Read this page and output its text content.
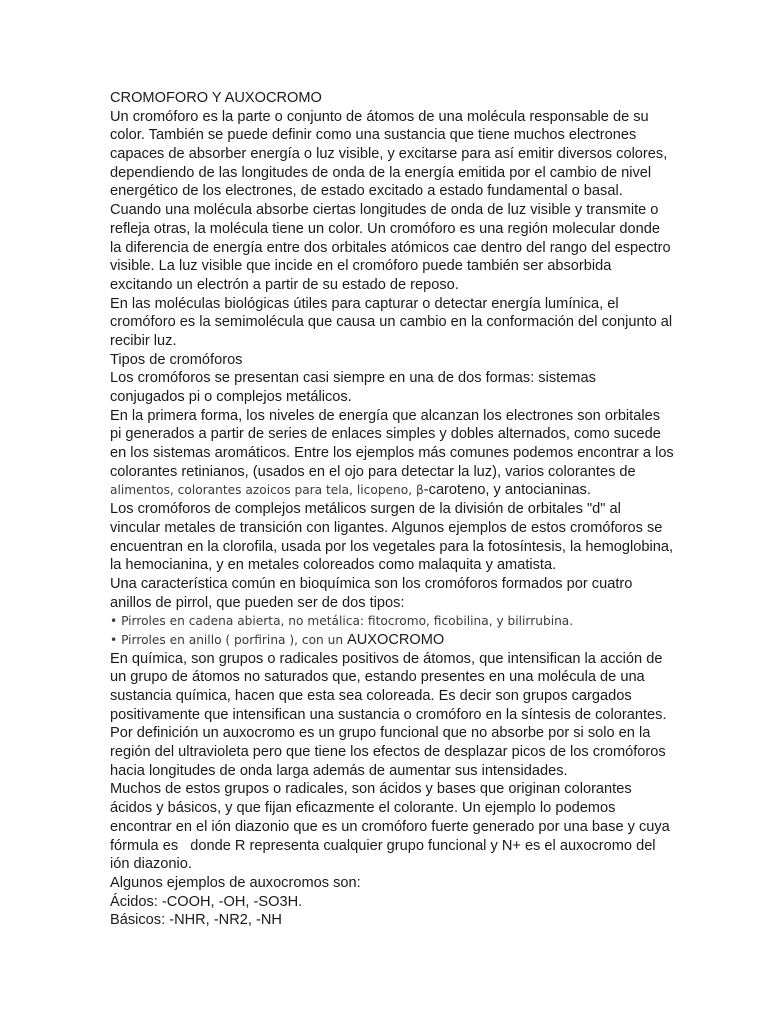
CROMOFORO Y AUXOCROMO
Un cromóforo es la parte o conjunto de átomos de una molécula responsable de su
color. También se puede definir como una sustancia que tiene muchos electrones
capaces de absorber energía o luz visible, y excitarse para así emitir diversos colores,
dependiendo de las longitudes de onda de la energía emitida por el cambio de nivel
energético de los electrones, de estado excitado a estado fundamental o basal.
Cuando una molécula absorbe ciertas longitudes de onda de luz visible y transmite o
refleja otras, la molécula tiene un color. Un cromóforo es una región molecular donde
la diferencia de energía entre dos orbitales atómicos cae dentro del rango del espectro
visible. La luz visible que incide en el cromóforo puede también ser absorbida
excitando un electrón a partir de su estado de reposo.
En las moléculas biológicas útiles para capturar o detectar energía lumínica, el
cromóforo es la semimolécula que causa un cambio en la conformación del conjunto al
recibir luz.
Tipos de cromóforos
Los cromóforos se presentan casi siempre en una de dos formas: sistemas
conjugados pi o complejos metálicos.
En la primera forma, los niveles de energía que alcanzan los electrones son orbitales
pi generados a partir de series de enlaces simples y dobles alternados, como sucede
en los sistemas aromáticos. Entre los ejemplos más comunes podemos encontrar a los
colorantes retinianos, (usados en el ojo para detectar la luz), varios colorantes de
alimentos, colorantes azoicos para tela, licopeno, β-caroteno, y antocianinas.
Los cromóforos de complejos metálicos surgen de la división de orbitales "d" al
vincular metales de transición con ligantes. Algunos ejemplos de estos cromóforos se
encuentran en la clorofila, usada por los vegetales para la fotosíntesis, la hemoglobina,
la hemocianina, y en metales coloreados como malaquita y amatista.
Una característica común en bioquímica son los cromóforos formados por cuatro
anillos de pirrol, que pueden ser de dos tipos:
• Pirroles en cadena abierta, no metálica: fitocromo, ficobilina, y bilirrubina.
• Pirroles en anillo ( porfirina ), con un AUXOCROMO
En química, son grupos o radicales positivos de átomos, que intensifican la acción de
un grupo de átomos no saturados que, estando presentes en una molécula de una
sustancia química, hacen que esta sea coloreada. Es decir son grupos cargados
positivamente que intensifican una sustancia o cromóforo en la síntesis de colorantes.
Por definición un auxocromo es un grupo funcional que no absorbe por si solo en la
región del ultravioleta pero que tiene los efectos de desplazar picos de los cromóforos
hacia longitudes de onda larga además de aumentar sus intensidades.
Muchos de estos grupos o radicales, son ácidos y bases que originan colorantes
ácidos y básicos, y que fijan eficazmente el colorante. Un ejemplo lo podemos
encontrar en el ión diazonio que es un cromóforo fuerte generado por una base y cuya
fórmula es   donde R representa cualquier grupo funcional y N+ es el auxocromo del
ión diazonio.
Algunos ejemplos de auxocromos son:
Ácidos: -COOH, -OH, -SO3H.
Básicos: -NHR, -NR2, -NH
